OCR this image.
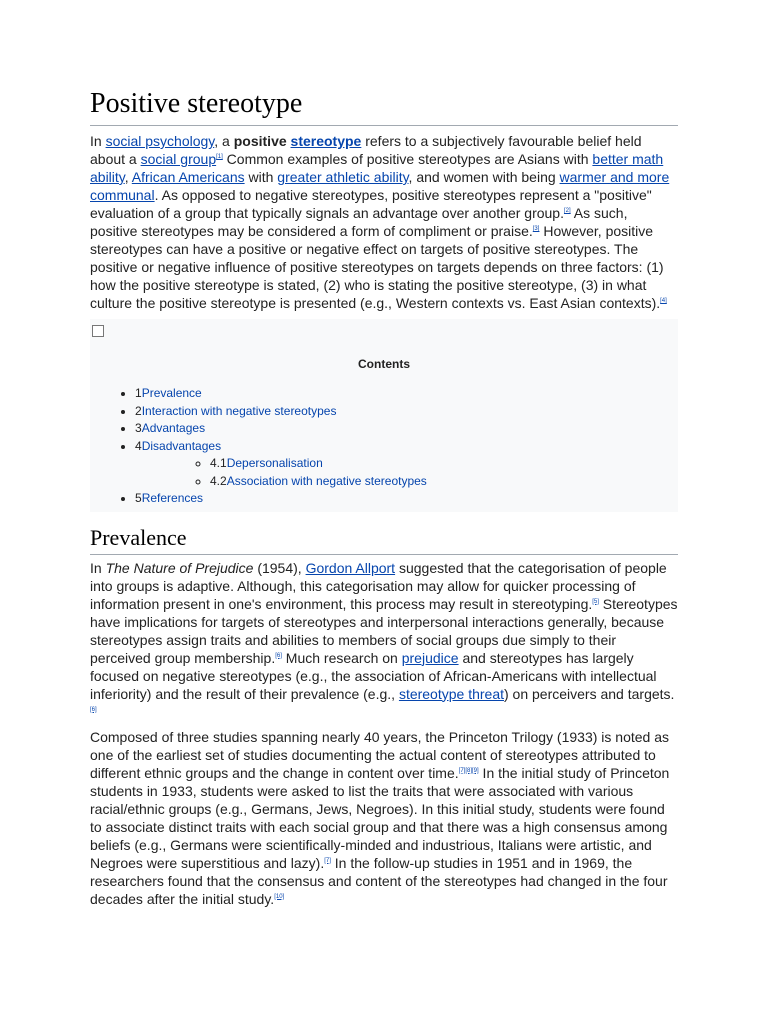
Positive stereotype

In social psychology, a positive stereotype refers to a subjectively favourable belief held about a social group[1] Common examples of positive stereotypes are Asians with better math ability, African Americans with greater athletic ability, and women with being warmer and more communal. As opposed to negative stereotypes, positive stereotypes represent a "positive" evaluation of a group that typically signals an advantage over another group.[2] As such, positive stereotypes may be considered a form of compliment or praise.[3] However, positive stereotypes can have a positive or negative effect on targets of positive stereotypes. The positive or negative influence of positive stereotypes on targets depends on three factors: (1) how the positive stereotype is stated, (2) who is stating the positive stereotype, (3) in what culture the positive stereotype is presented (e.g., Western contexts vs. East Asian contexts).[4]

Contents
• 1Prevalence
• 2Interaction with negative stereotypes
• 3Advantages
• 4Disadvantages
◦ 4.1Depersonalisation
◦ 4.2Association with negative stereotypes
• 5References
Prevalence

In The Nature of Prejudice (1954), Gordon Allport suggested that the categorisation of people into groups is adaptive. Although, this categorisation may allow for quicker processing of information present in one's environment, this process may result in stereotyping.[5] Stereotypes have implications for targets of stereotypes and interpersonal interactions generally, because stereotypes assign traits and abilities to members of social groups due simply to their perceived group membership.[6] Much research on prejudice and stereotypes has largely focused on negative stereotypes (e.g., the association of African-Americans with intellectual inferiority) and the result of their prevalence (e.g., stereotype threat) on perceivers and targets.[6]

Composed of three studies spanning nearly 40 years, the Princeton Trilogy (1933) is noted as one of the earliest set of studies documenting the actual content of stereotypes attributed to different ethnic groups and the change in content over time.[7][8][9] In the initial study of Princeton students in 1933, students were asked to list the traits that were associated with various racial/ethnic groups (e.g., Germans, Jews, Negroes). In this initial study, students were found to associate distinct traits with each social group and that there was a high consensus among beliefs (e.g., Germans were scientifically-minded and industrious, Italians were artistic, and Negroes were superstitious and lazy).[7] In the follow-up studies in 1951 and in 1969, the researchers found that the consensus and content of the stereotypes had changed in the four decades after the initial study.[10]
